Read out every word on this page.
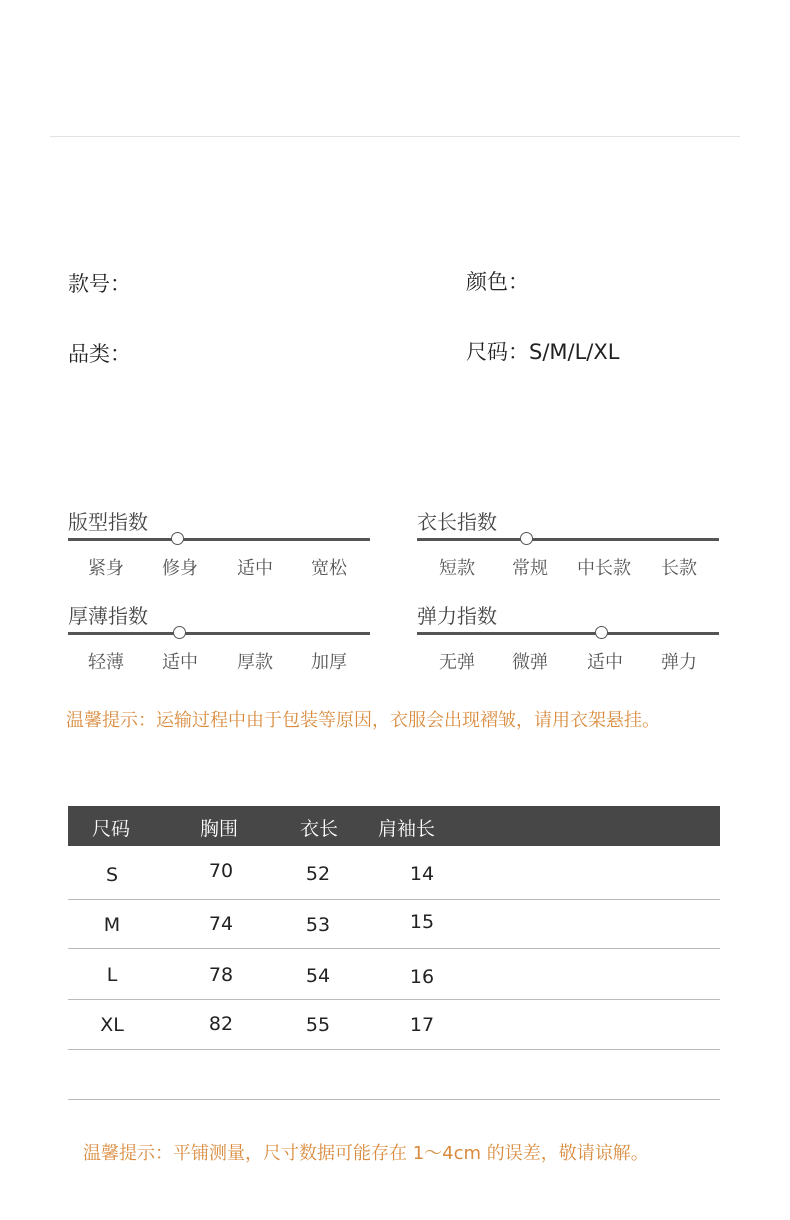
款号：	颜色：
品类：	尺码：S/M/L/XL
版型指数
紧身	修身	适中	宽松
衣长指数
短款	常规	中长款	长款
厚薄指数
轻薄	适中	厚款	加厚
弹力指数
无弹	微弹	适中	弹力
温馨提示：运输过程中由于包装等原因，衣服会出现褶皱，请用衣架悬挂。
尺码	胸围	衣长 肩袖长
S	70	52	14
M	74	53	15
L	78	54	16
XL	82	55	17
温馨提示：平铺测量，尺寸数据可能存在 1～4cm 的误差，敬请谅解。
